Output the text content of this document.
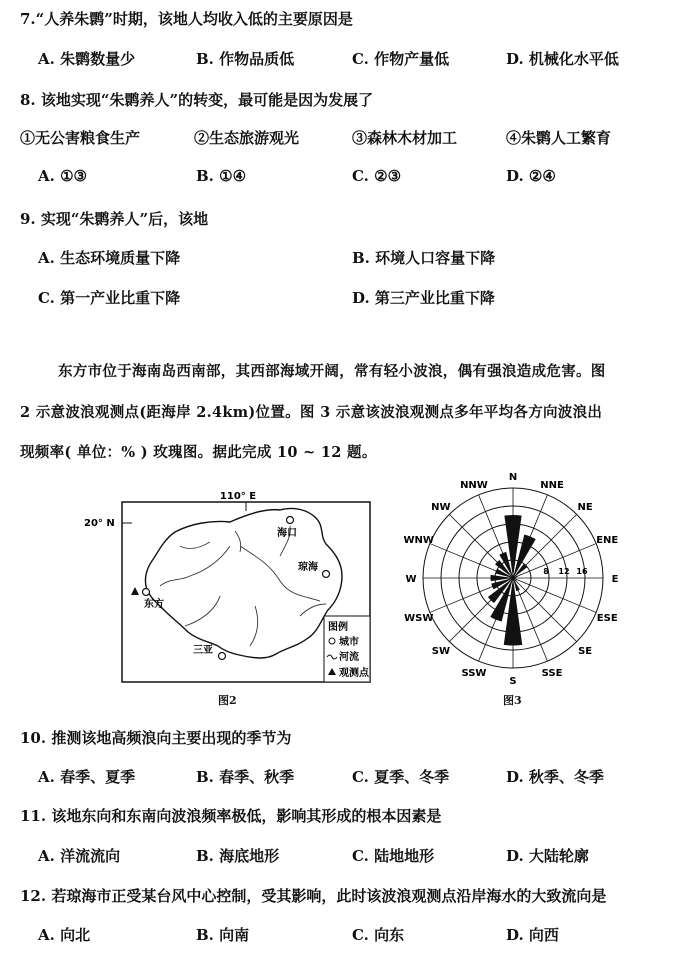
7.“人养朱鹮”时期，该地人均收入低的主要原因是
A. 朱鹮数量少	B. 作物品质低	C. 作物产量低	D. 机械化水平低
8. 该地实现“朱鹮养人”的转变，最可能是因为发展了
①无公害粮食生产	②生态旅游观光	③森林木材加工	④朱鹮人工繁育
A. ①③	B. ①④	C. ②③	D. ②④
9. 实现“朱鹮养人”后，该地
A. 生态环境质量下降	B. 环境人口容量下降
C. 第一产业比重下降	D. 第三产业比重下降
东方市位于海南岛西南部，其西部海域开阔，常有轻小波浪，偶有强浪造成危害。图
2 示意波浪观测点(距海岸 2.4km)位置。图 3 示意该波浪观测点多年平均各方向波浪出
现频率( 单位：% ) 玫瑰图。据此完成 10 ~ 12 题。
110° E
20° N
海口
琼海
东方
三亚
图例
城市
河流
观测点
图2
N
NNE
NE
ENE
E
ESE
SE
SSE
S
SSW
SW
WSW
W
WNW
NW
NNW
8 12 16
图3
10. 推测该地高频浪向主要出现的季节为
A. 春季、夏季	B. 春季、秋季	C. 夏季、冬季	D. 秋季、冬季
11. 该地东向和东南向波浪频率极低，影响其形成的根本因素是
A. 洋流流向	B. 海底地形	C. 陆地地形	D. 大陆轮廓
12. 若琼海市正受某台风中心控制，受其影响，此时该波浪观测点沿岸海水的大致流向是
A. 向北	B. 向南	C. 向东	D. 向西
